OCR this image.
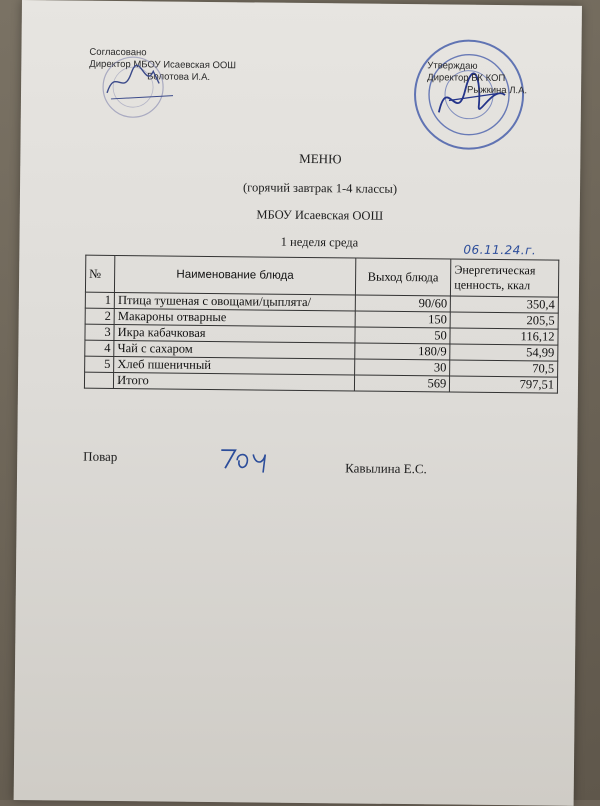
Согласовано
Директор МБОУ Исаевская ООШ
Болотова И.А.
Утверждаю
Директор БК КОП
Рыжкина Л.А.
МЕНЮ
(горячий завтрак 1-4 классы)
МБОУ Исаевская ООШ
1 неделя среда
06.11.24.г.
№	Наименование блюда	Выход блюда	Энергетическая ценность, ккал
1	Птица тушеная с овощами/цыплята/	90/60	350,4
2	Макароны отварные	150	205,5
3	Икра кабачковая	50	116,12
4	Чай с сахаром	180/9	54,99
5	Хлеб пшеничный	30	70,5
	Итого	569	797,51
Повар
Кавылина Е.С.
